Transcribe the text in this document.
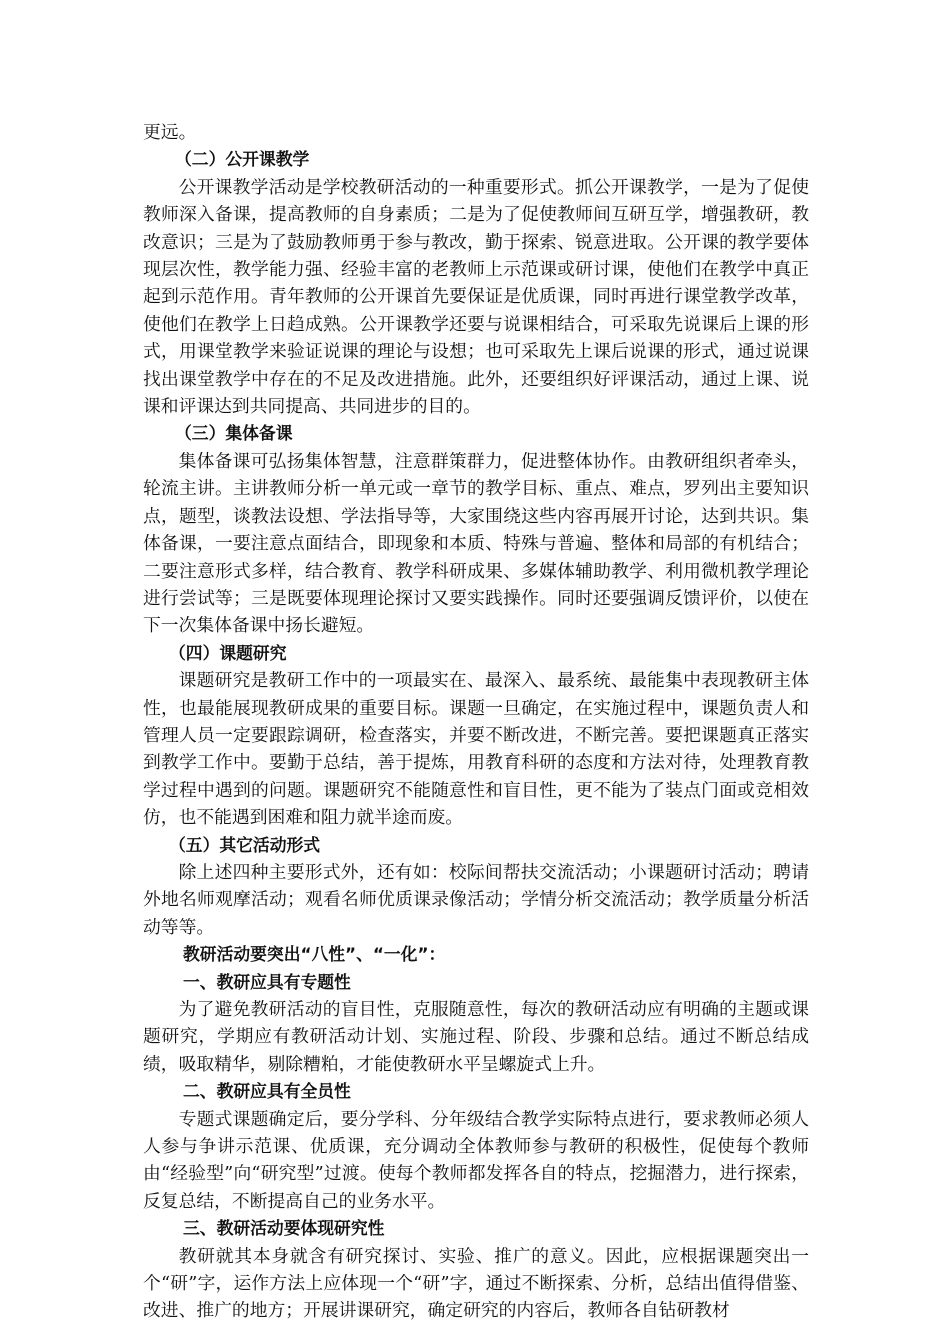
更远。

（二）公开课教学

公开课教学活动是学校教研活动的一种重要形式。抓公开课教学，一是为了促使教师深入备课，提高教师的自身素质；二是为了促使教师间互研互学，增强教研，教改意识；三是为了鼓励教师勇于参与教改，勤于探索、锐意进取。公开课的教学要体现层次性，教学能力强、经验丰富的老教师上示范课或研讨课，使他们在教学中真正起到示范作用。青年教师的公开课首先要保证是优质课，同时再进行课堂教学改革，使他们在教学上日趋成熟。公开课教学还要与说课相结合，可采取先说课后上课的形式，用课堂教学来验证说课的理论与设想；也可采取先上课后说课的形式，通过说课找出课堂教学中存在的不足及改进措施。此外，还要组织好评课活动，通过上课、说课和评课达到共同提高、共同进步的目的。

（三）集体备课

集体备课可弘扬集体智慧，注意群策群力，促进整体协作。由教研组织者牵头，轮流主讲。主讲教师分析一单元或一章节的教学目标、重点、难点，罗列出主要知识点，题型，谈教法设想、学法指导等，大家围绕这些内容再展开讨论，达到共识。集体备课，一要注意点面结合，即现象和本质、特殊与普遍、整体和局部的有机结合；二要注意形式多样，结合教育、教学科研成果、多媒体辅助教学、利用微机教学理论进行尝试等；三是既要体现理论探讨又要实践操作。同时还要强调反馈评价，以使在下一次集体备课中扬长避短。

（四）课题研究

课题研究是教研工作中的一项最实在、最深入、最系统、最能集中表现教研主体性，也最能展现教研成果的重要目标。课题一旦确定，在实施过程中，课题负责人和管理人员一定要跟踪调研，检查落实，并要不断改进，不断完善。要把课题真正落实到教学工作中。要勤于总结，善于提炼，用教育科研的态度和方法对待，处理教育教学过程中遇到的问题。课题研究不能随意性和盲目性，更不能为了装点门面或竞相效仿，也不能遇到困难和阻力就半途而废。

（五）其它活动形式

除上述四种主要形式外，还有如：校际间帮扶交流活动；小课题研讨活动；聘请外地名师观摩活动；观看名师优质课录像活动；学情分析交流活动；教学质量分析活动等等。

教研活动要突出“八性”、“一化”：

一、教研应具有专题性

为了避免教研活动的盲目性，克服随意性，每次的教研活动应有明确的主题或课题研究，学期应有教研活动计划、实施过程、阶段、步骤和总结。通过不断总结成绩，吸取精华，剔除糟粕，才能使教研水平呈螺旋式上升。

二、教研应具有全员性

专题式课题确定后，要分学科、分年级结合教学实际特点进行，要求教师必须人人参与争讲示范课、优质课，充分调动全体教师参与教研的积极性，促使每个教师由“经验型”向“研究型”过渡。使每个教师都发挥各自的特点，挖掘潜力，进行探索，反复总结，不断提高自己的业务水平。

三、教研活动要体现研究性

教研就其本身就含有研究探讨、实验、推广的意义。因此，应根据课题突出一个“研”字，运作方法上应体现一个“研”字，通过不断探索、分析，总结出值得借鉴、改进、推广的地方；开展讲课研究，确定研究的内容后，教师各自钻研教材
